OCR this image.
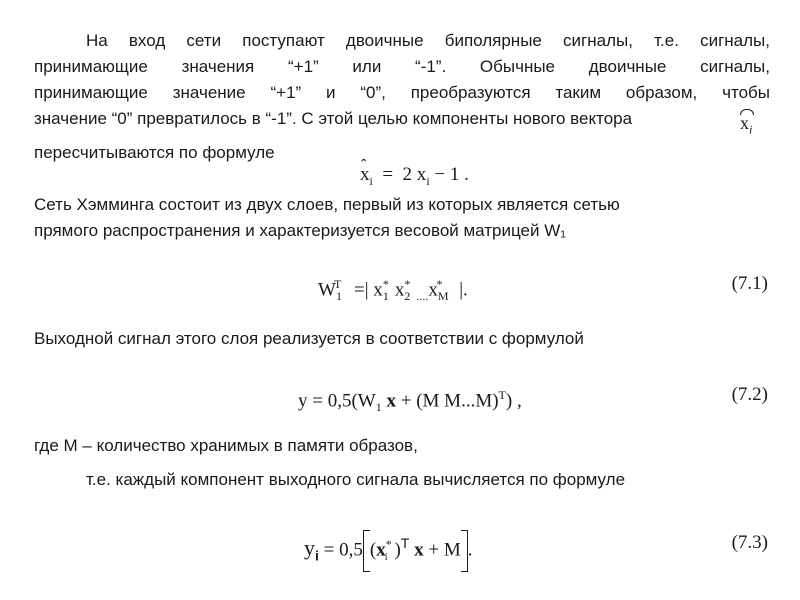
На вход сети поступают двоичные биполярные сигналы, т.е. сигналы,
принимающие значения “+1” или “-1”. Обычные двоичные сигналы,
принимающие значение “+1” и “0”, преобразуются таким образом, чтобы
значение “0” превратилось в “-1”. С этой целью компоненты нового вектора	$x_i$
пересчитываются по формуле
ˆ $x_i = 2$ $x_i - 1$ .
Сеть Хэмминга состоит из двух слоев, первый из которых является сетью
прямого распространения и характеризуется весовой матрицей W₁
$W_1^T$ =| $x_1^*$ $x_2^*_{....}x_M^*$ |.	(7.1)
Выходной сигнал этого слоя реализуется в соответствии с формулой
$y = 0,5(W_1$ x + (M M...M)$^T$) ,	(7.2)
где M – количество хранимых в памяти образов,
т.е. каждый компонент выходного сигнала вычисляется по формуле
$y_i = 0,5$ ($x^*_i$ )$^T$ x + M .	(7.3)
